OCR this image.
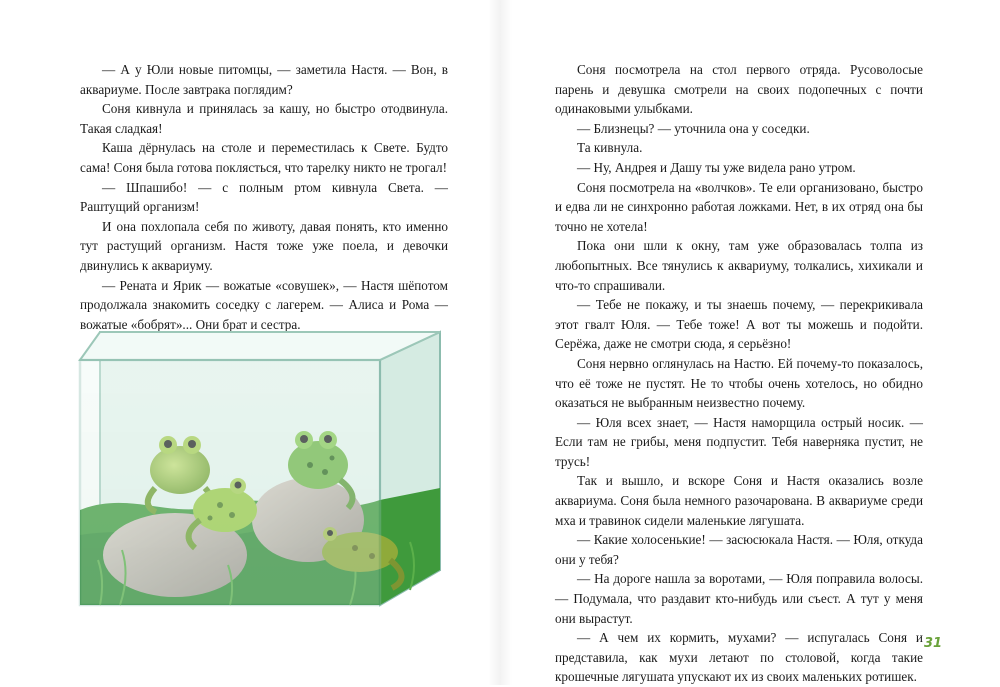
— А у Юли новые питомцы, — заметила Настя. — Вон, в аквариуме. После завтрака поглядим?

Соня кивнула и принялась за кашу, но быстро отодвинула. Такая сладкая!

Каша дёрнулась на столе и переместилась к Свете. Будто сама! Соня была готова поклясться, что тарелку никто не трогал!

— Шпашибо! — с полным ртом кивнула Света. — Раштущий организм!

И она похлопала себя по животу, давая понять, кто именно тут растущий организм. Настя тоже уже поела, и девочки двинулись к аквариуму.

— Рената и Ярик — вожатые «совушек», — Настя шёпотом продолжала знакомить соседку с лагерем. — Алиса и Рома — вожатые «бобрят»... Они брат и сестра.

Соня посмотрела на стол первого отряда. Русоволосые парень и девушка смотрели на своих подопечных с почти одинаковыми улыбками.

— Близнецы? — уточнила она у соседки.

Та кивнула.

— Ну, Андрея и Дашу ты уже видела рано утром.

Соня посмотрела на «волчков». Те ели организовано, быстро и едва ли не синхронно работая ложками. Нет, в их отряд она бы точно не хотела!

Пока они шли к окну, там уже образовалась толпа из любопытных. Все тянулись к аквариуму, толкались, хихикали и что-то спрашивали.

— Тебе не покажу, и ты знаешь почему, — перекрикивала этот гвалт Юля. — Тебе тоже! А вот ты можешь и подойти. Серёжа, даже не смотри сюда, я серьёзно!

Соня нервно оглянулась на Настю. Ей почему-то показалось, что её тоже не пустят. Не то чтобы очень хотелось, но обидно оказаться не выбранным неизвестно почему.

— Юля всех знает, — Настя наморщила острый носик. — Если там не грибы, меня подпустит. Тебя наверняка пустит, не трусь!

Так и вышло, и вскоре Соня и Настя оказались возле аквариума. Соня была немного разочарована. В аквариуме среди мха и травинок сидели маленькие лягушата.

— Какие холосенькие! — засюсюкала Настя. — Юля, откуда они у тебя?

— На дороге нашла за воротами, — Юля поправила волосы. — Подумала, что раздавит кто-нибудь или съест. А тут у меня они вырастут.

— А чем их кормить, мухами? — испугалась Соня и представила, как мухи летают по столовой, когда такие крошечные лягушата упускают их из своих маленьких ротишек.

31
